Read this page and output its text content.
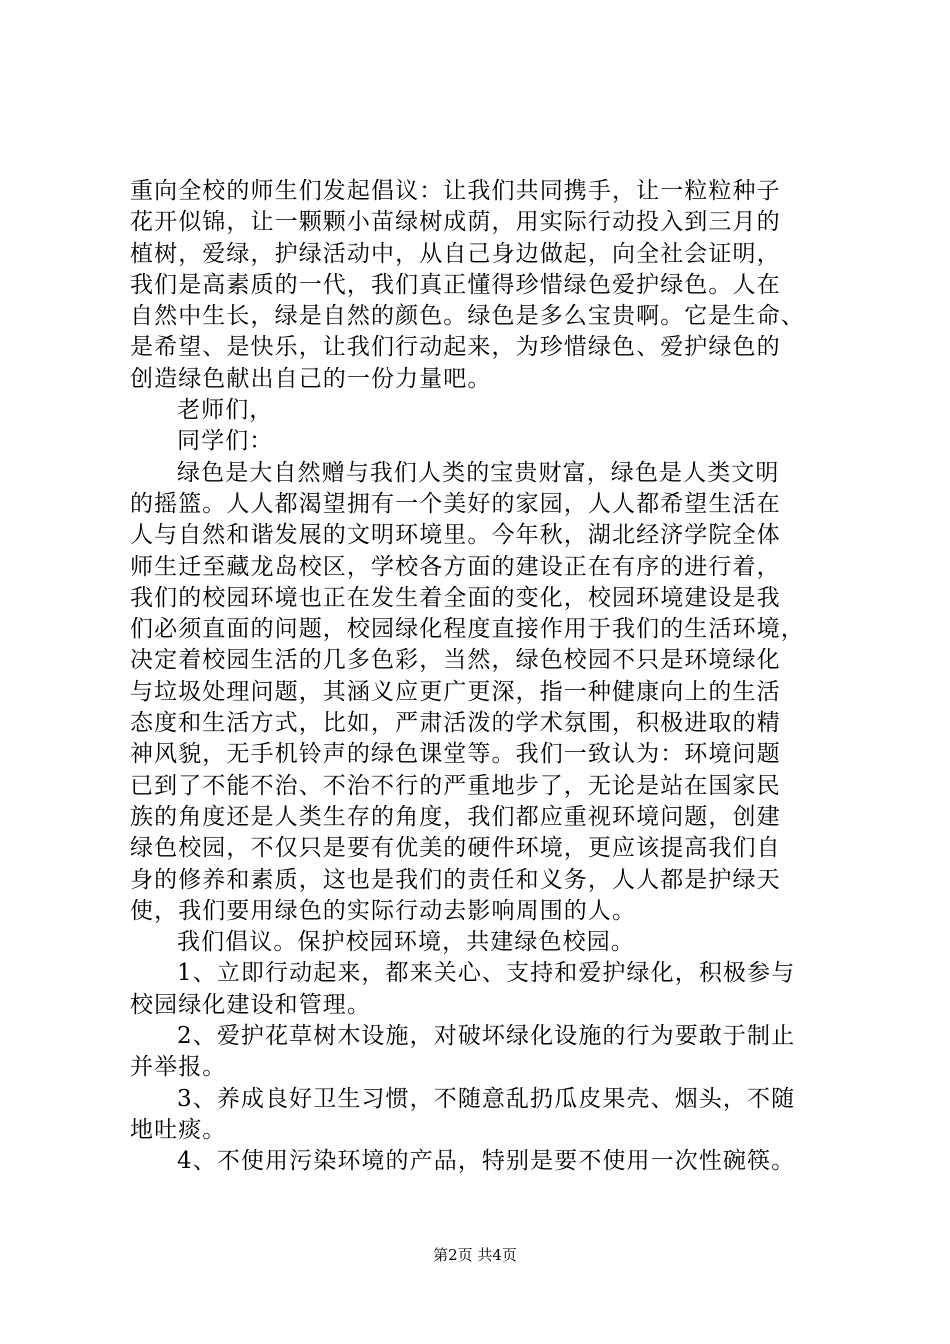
重向全校的师生们发起倡议：让我们共同携手，让一粒粒种子
花开似锦，让一颗颗小苗绿树成荫，用实际行动投入到三月的
植树，爱绿，护绿活动中，从自己身边做起，向全社会证明，
我们是高素质的一代，我们真正懂得珍惜绿色爱护绿色。人在
自然中生长，绿是自然的颜色。绿色是多么宝贵啊。它是生命、
是希望、是快乐，让我们行动起来，为珍惜绿色、爱护绿色的
创造绿色献出自己的一份力量吧。
老师们，
同学们：
绿色是大自然赠与我们人类的宝贵财富，绿色是人类文明
的摇篮。人人都渴望拥有一个美好的家园，人人都希望生活在
人与自然和谐发展的文明环境里。今年秋，湖北经济学院全体
师生迁至藏龙岛校区，学校各方面的建设正在有序的进行着，
我们的校园环境也正在发生着全面的变化，校园环境建设是我
们必须直面的问题，校园绿化程度直接作用于我们的生活环境，
决定着校园生活的几多色彩，当然，绿色校园不只是环境绿化
与垃圾处理问题，其涵义应更广更深，指一种健康向上的生活
态度和生活方式，比如，严肃活泼的学术氛围，积极进取的精
神风貌，无手机铃声的绿色课堂等。我们一致认为：环境问题
已到了不能不治、不治不行的严重地步了，无论是站在国家民
族的角度还是人类生存的角度，我们都应重视环境问题，创建
绿色校园，不仅只是要有优美的硬件环境，更应该提高我们自
身的修养和素质，这也是我们的责任和义务，人人都是护绿天
使，我们要用绿色的实际行动去影响周围的人。
我们倡议。保护校园环境，共建绿色校园。
1、立即行动起来，都来关心、支持和爱护绿化，积极参与
校园绿化建设和管理。
2、爱护花草树木设施，对破坏绿化设施的行为要敢于制止
并举报。
3、养成良好卫生习惯，不随意乱扔瓜皮果壳、烟头，不随
地吐痰。
4、不使用污染环境的产品，特别是要不使用一次性碗筷。
第2页 共4页
